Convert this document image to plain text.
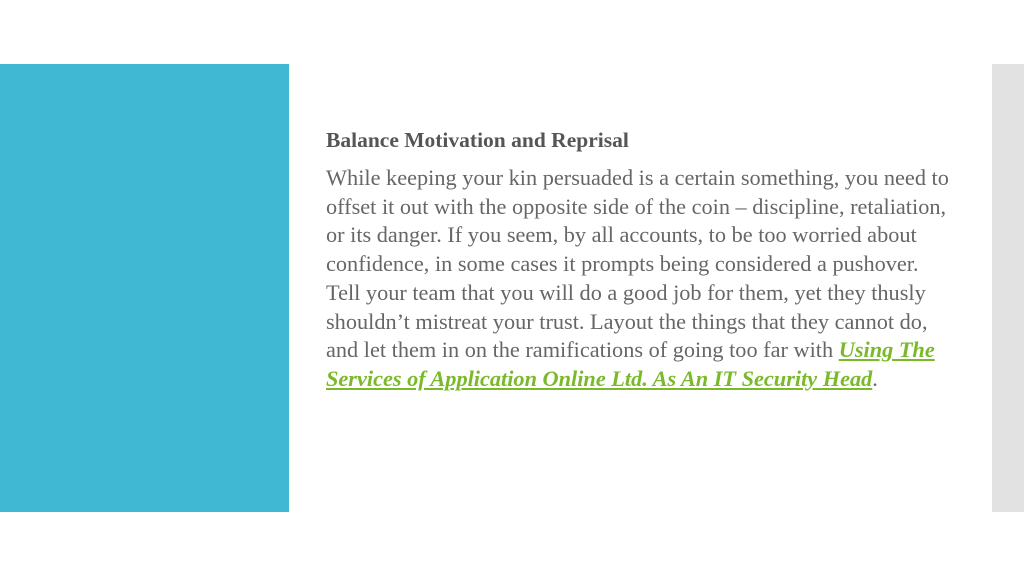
Balance Motivation and Reprisal

While keeping your kin persuaded is a certain something, you need to offset it out with the opposite side of the coin – discipline, retaliation, or its danger. If you seem, by all accounts, to be too worried about confidence, in some cases it prompts being considered a pushover. Tell your team that you will do a good job for them, yet they thusly shouldn’t mistreat your trust. Layout the things that they cannot do, and let them in on the ramifications of going too far with Using The Services of Application Online Ltd. As An IT Security Head.
